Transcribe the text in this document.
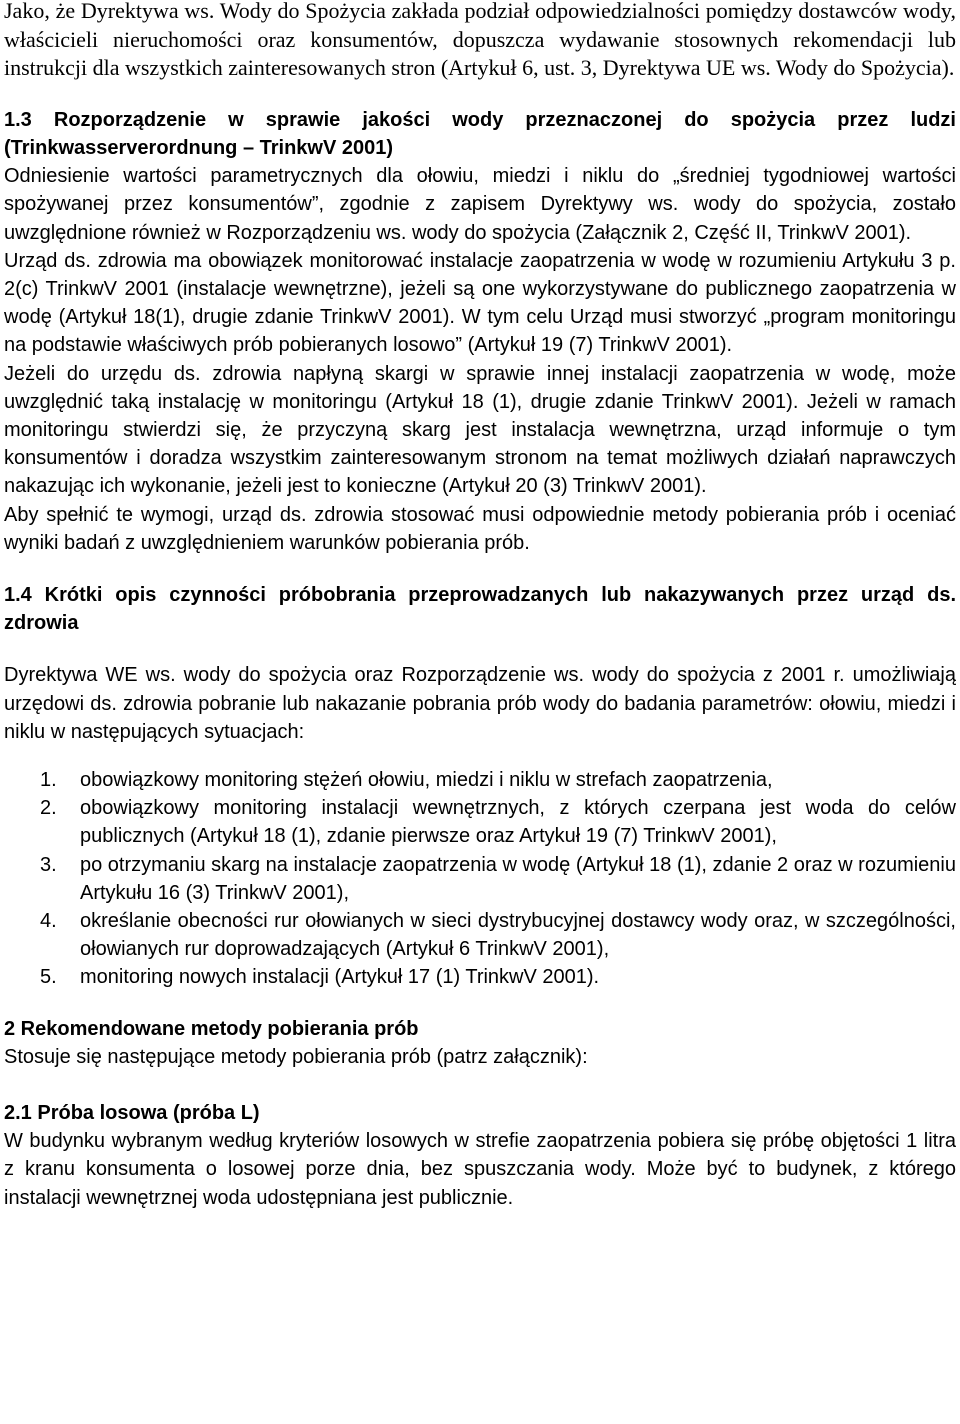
Jako, że Dyrektywa ws. Wody do Spożycia zakłada podział odpowiedzialności pomiędzy dostawców wody, właścicieli nieruchomości oraz konsumentów, dopuszcza wydawanie stosownych rekomendacji lub instrukcji dla wszystkich zainteresowanych stron (Artykuł 6, ust. 3, Dyrektywa UE ws. Wody do Spożycia).

1.3 Rozporządzenie w sprawie jakości wody przeznaczonej do spożycia przez ludzi (Trinkwasserverordnung – TrinkwV 2001)

Odniesienie wartości parametrycznych dla ołowiu, miedzi i niklu do „średniej tygodniowej wartości spożywanej przez konsumentów”, zgodnie z zapisem Dyrektywy ws. wody do spożycia, zostało uwzględnione również w Rozporządzeniu ws. wody do spożycia (Załącznik 2, Część II, TrinkwV 2001).

Urząd ds. zdrowia ma obowiązek monitorować instalacje zaopatrzenia w wodę w rozumieniu Artykułu 3 p. 2(c) TrinkwV 2001 (instalacje wewnętrzne), jeżeli są one wykorzystywane do publicznego zaopatrzenia w wodę (Artykuł 18(1), drugie zdanie TrinkwV 2001). W tym celu Urząd musi stworzyć „program monitoringu na podstawie właściwych prób pobieranych losowo” (Artykuł 19 (7) TrinkwV 2001).

Jeżeli do urzędu ds. zdrowia napłyną skargi w sprawie innej instalacji zaopatrzenia w wodę, może uwzględnić taką instalację w monitoringu (Artykuł 18 (1), drugie zdanie TrinkwV 2001). Jeżeli w ramach monitoringu stwierdzi się, że przyczyną skarg jest instalacja wewnętrzna, urząd informuje o tym konsumentów i doradza wszystkim zainteresowanym stronom na temat możliwych działań naprawczych nakazując ich wykonanie, jeżeli jest to konieczne (Artykuł 20 (3) TrinkwV 2001).

Aby spełnić te wymogi, urząd ds. zdrowia stosować musi odpowiednie metody pobierania prób i oceniać wyniki badań z uwzględnieniem warunków pobierania prób.

1.4 Krótki opis czynności próbobrania przeprowadzanych lub nakazywanych przez urząd ds. zdrowia

Dyrektywa WE ws. wody do spożycia oraz Rozporządzenie ws. wody do spożycia z 2001 r. umożliwiają urzędowi ds. zdrowia pobranie lub nakazanie pobrania prób wody do badania parametrów: ołowiu, miedzi i niklu w następujących sytuacjach:

1. obowiązkowy monitoring stężeń ołowiu, miedzi i niklu w strefach zaopatrzenia,
2. obowiązkowy monitoring instalacji wewnętrznych, z których czerpana jest woda do celów publicznych (Artykuł 18 (1), zdanie pierwsze oraz Artykuł 19 (7) TrinkwV 2001),
3. po otrzymaniu skarg na instalacje zaopatrzenia w wodę (Artykuł 18 (1), zdanie 2 oraz w rozumieniu Artykułu 16 (3) TrinkwV 2001),
4. określanie obecności rur ołowianych w sieci dystrybucyjnej dostawcy wody oraz, w szczególności, ołowianych rur doprowadzających (Artykuł 6 TrinkwV 2001),
5. monitoring nowych instalacji (Artykuł 17 (1) TrinkwV 2001).

2 Rekomendowane metody pobierania prób

Stosuje się następujące metody pobierania prób (patrz załącznik):

2.1 Próba losowa (próba L)

W budynku wybranym według kryteriów losowych w strefie zaopatrzenia pobiera się próbę objętości 1 litra z kranu konsumenta o losowej porze dnia, bez spuszczania wody. Może być to budynek, z którego instalacji wewnętrznej woda udostępniana jest publicznie.
